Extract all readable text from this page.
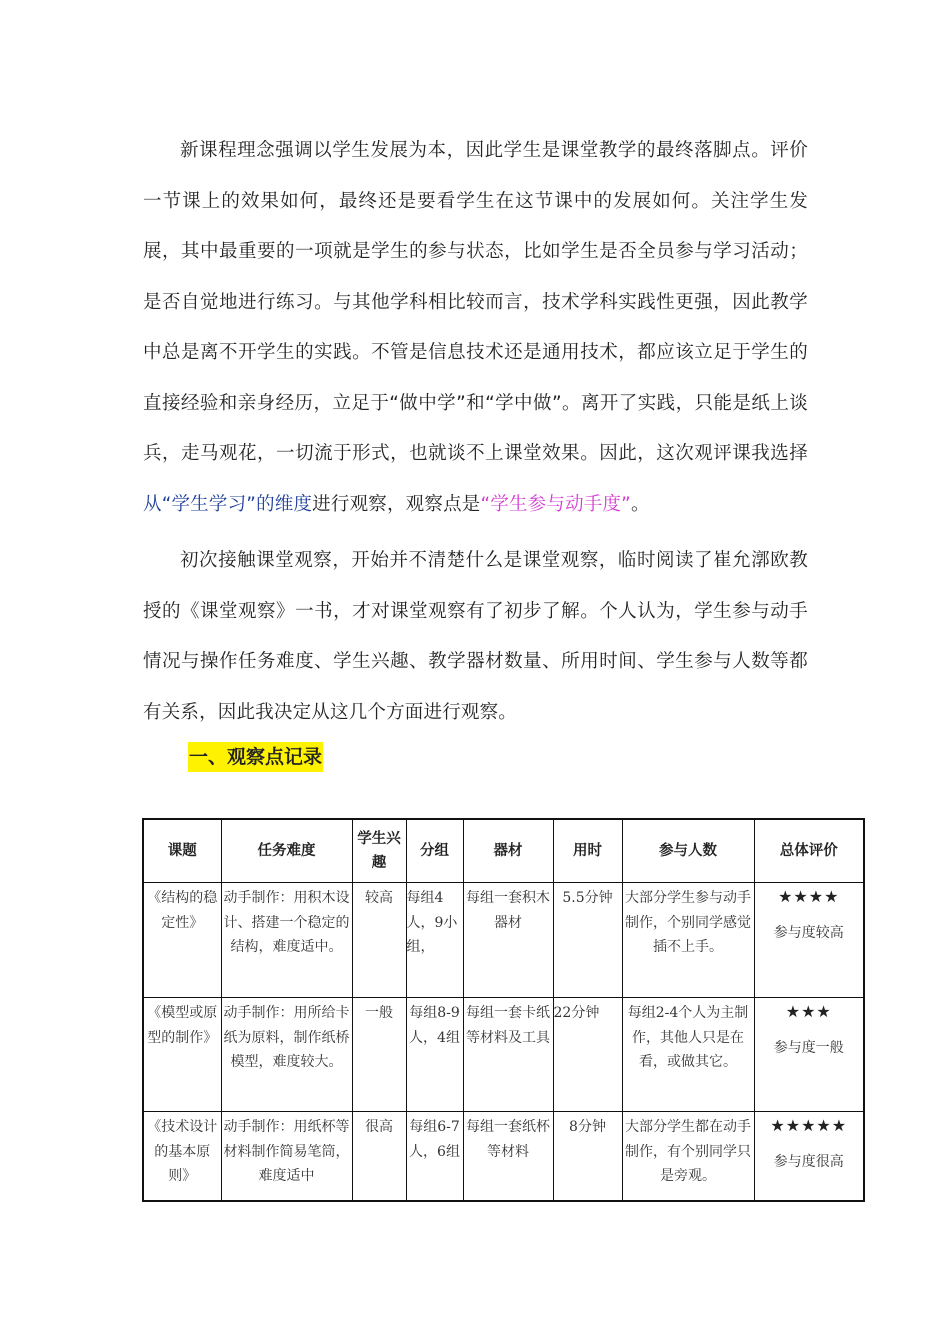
新课程理念强调以学生发展为本，因此学生是课堂教学的最终落脚点。评价一节课上的效果如何，最终还是要看学生在这节课中的发展如何。关注学生发展，其中最重要的一项就是学生的参与状态，比如学生是否全员参与学习活动；是否自觉地进行练习。与其他学科相比较而言，技术学科实践性更强，因此教学中总是离不开学生的实践。不管是信息技术还是通用技术，都应该立足于学生的直接经验和亲身经历，立足于“做中学”和“学中做”。离开了实践，只能是纸上谈兵，走马观花，一切流于形式，也就谈不上课堂效果。因此，这次观评课我选择从“学生学习”的维度进行观察，观察点是“学生参与动手度”。

初次接触课堂观察，开始并不清楚什么是课堂观察，临时阅读了崔允漷欧教授的《课堂观察》一书，才对课堂观察有了初步了解。个人认为，学生参与动手情况与操作任务难度、学生兴趣、教学器材数量、所用时间、学生参与人数等都有关系，因此我决定从这几个方面进行观察。

一、观察点记录
课题	任务难度	学生兴趣	分组	器材	用时	参与人数	总体评价
《结构的稳定性》	动手制作：用积木设计、搭建一个稳定的结构，难度适中。	较高	每组4人，9小组，	每组一套积木器材	5.5分钟	大部分学生参与动手制作，个别同学感觉插不上手。	★★★★
参与度较高

《模型或原型的制作》	动手制作：用所给卡纸为原料，制作纸桥模型，难度较大。	一般	每组8-9人，4组	每组一套卡纸等材料及工具	22分钟	每组2-4个人为主制作，其他人只是在看，或做其它。	★★★
参与度一般

《技术设计的基本原则》	动手制作：用纸杯等材料制作简易笔筒，难度适中	很高	每组6-7人，6组	每组一套纸杯等材料	8分钟	大部分学生都在动手制作，有个别同学只是旁观。	★★★★★
参与度很高
